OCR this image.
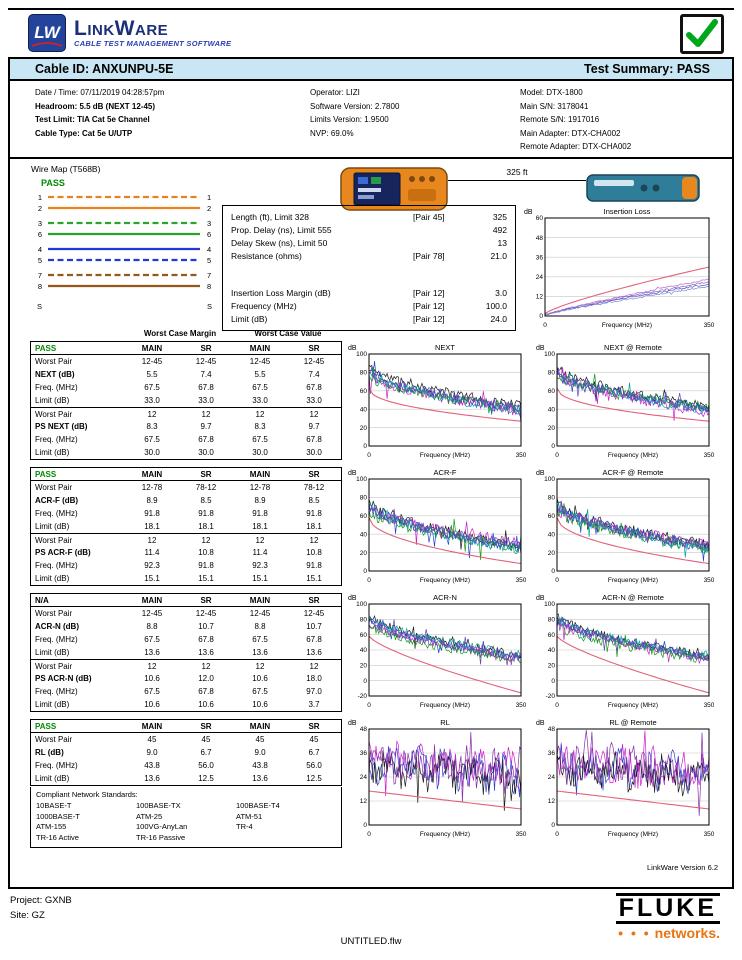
LW LinkWare
CABLE TEST MANAGEMENT SOFTWARE
Cable ID: ANXUNPU-5E	Test Summary: PASS
Date / Time: 07/11/2019 04:28:57pm
Headroom: 5.5 dB (NEXT 12-45)
Test Limit: TIA Cat 5e Channel
Cable Type: Cat 5e U/UTP
Operator: LIZI
Software Version: 2.7800
Limits Version: 1.9500
NVP: 69.0%
Model: DTX-1800
Main S/N: 3178041
Remote S/N: 1917016
Main Adapter: DTX-CHA002
Remote Adapter: DTX-CHA002
Wire Map (T568B)
PASS
1	1
2	2
3	3
6	6
4	4
5	5
7	7
8	8
S	S
325 ft
Length (ft), Limit 328	[Pair 45]	325
Prop. Delay (ns), Limit 555	492
Delay Skew (ns), Limit 50	13
Resistance (ohms)	[Pair 78]	21.0
Insertion Loss Margin (dB)	[Pair 12]	3.0
Frequency (MHz)	[Pair 12]	100.0
Limit (dB)	[Pair 12]	24.0
dB	Insertion Loss
0
12
24
36
48
60
0	350
Frequency (MHz)
dB	NEXT
0
20
40
60
80
100
0	350
Frequency (MHz)
dB	NEXT @ Remote
0
20
40
60
80
100
0	350
Frequency (MHz)
dB	ACR-F
0
20
40
60
80
100
0	350
Frequency (MHz)
dB	ACR-F @ Remote
0
20
40
60
80
100
0	350
Frequency (MHz)
dB	ACR-N
-20
0
20
40
60
80
100
0	350
Frequency (MHz)
dB	ACR-N @ Remote
-20
0
20
40
60
80
100
0	350
Frequency (MHz)
dB	RL
0
12
24
36
48
0	350
Frequency (MHz)
dB	RL @ Remote
0
12
24
36
48
0	350
Frequency (MHz)
Worst Case Margin	Worst Case Value
PASS	MAIN	SR	MAIN	SR
Worst Pair	12-45	12-45	12-45	12-45
NEXT (dB)	5.5	7.4	5.5	7.4
Freq. (MHz)	67.5	67.8	67.5	67.8
Limit (dB)	33.0	33.0	33.0	33.0
Worst Pair	12	12	12	12
PS NEXT (dB)	8.3	9.7	8.3	9.7
Freq. (MHz)	67.5	67.8	67.5	67.8
Limit (dB)	30.0	30.0	30.0	30.0
PASS	MAIN	SR	MAIN	SR
Worst Pair	12-78	78-12	12-78	78-12
ACR-F (dB)	8.9	8.5	8.9	8.5
Freq. (MHz)	91.8	91.8	91.8	91.8
Limit (dB)	18.1	18.1	18.1	18.1
Worst Pair	12	12	12	12
PS ACR-F (dB)	11.4	10.8	11.4	10.8
Freq. (MHz)	92.3	91.8	92.3	91.8
Limit (dB)	15.1	15.1	15.1	15.1
N/A	MAIN	SR	MAIN	SR
Worst Pair	12-45	12-45	12-45	12-45
ACR-N (dB)	8.8	10.7	8.8	10.7
Freq. (MHz)	67.5	67.8	67.5	67.8
Limit (dB)	13.6	13.6	13.6	13.6
Worst Pair	12	12	12	12
PS ACR-N (dB)	10.6	12.0	10.6	18.0
Freq. (MHz)	67.5	67.8	67.5	97.0
Limit (dB)	10.6	10.6	10.6	3.7
PASS	MAIN	SR	MAIN	SR
Worst Pair	45	45	45	45
RL (dB)	9.0	6.7	9.0	6.7
Freq. (MHz)	43.8	56.0	43.8	56.0
Limit (dB)	13.6	12.5	13.6	12.5
Compliant Network Standards:
10BASE-T
1000BASE-T
ATM-155
TR-16 Active
100BASE-TX
ATM-25
100VG-AnyLan
TR-16 Passive
100BASE-T4
ATM-51
TR-4
LinkWare Version 6.2
Project: GXNB
Site: GZ	FLUKE
• • • networks.
UNTITLED.flw
